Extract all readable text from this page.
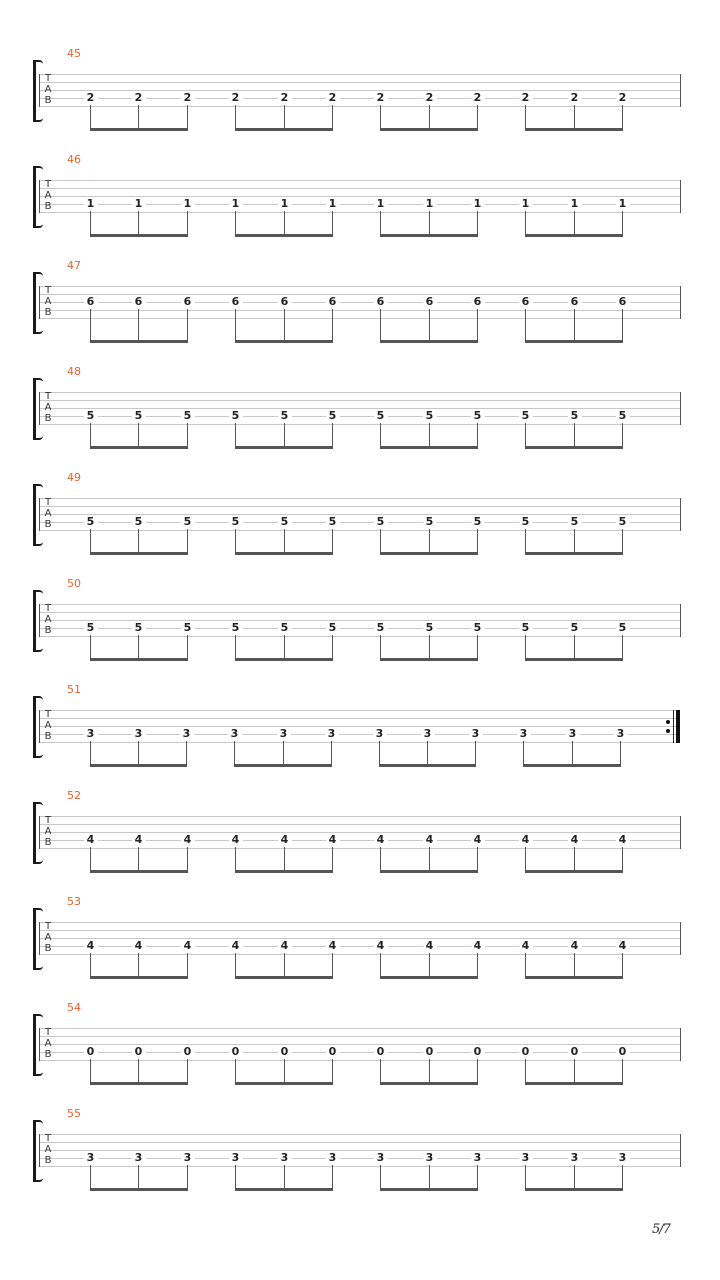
45
T
A
B	2	2	2	2	2	2	2	2	2	2	2	2
46
T
A
B	1	1	1	1	1	1	1	1	1	1	1	1
47
T
A
B
6	6	6	6	6	6	6	6	6	6	6	6
48
T
A
B	5	5	5	5	5	5	5	5	5	5	5	5
49
T
A
B	5	5	5	5	5	5	5	5	5	5	5	5
50
T
A
B	5	5	5	5	5	5	5	5	5	5	5	5
51
T
A
B	3	3	3	3	3	3	3	3	3	3	3	3
52
T
A
B	4	4	4	4	4	4	4	4	4	4	4	4
53
T
A
B	4	4	4	4	4	4	4	4	4	4	4	4
54
T
A
B	0	0	0	0	0	0	0	0	0	0	0	0
55
T
A
B	3	3	3	3	3	3	3	3	3	3	3	3
5/7
